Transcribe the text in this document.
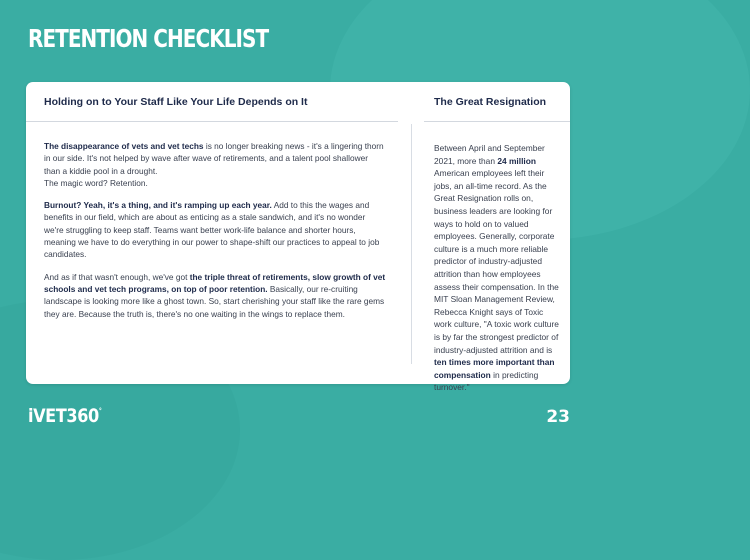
RETENTION CHECKLIST
Holding on to Your Staff Like Your Life Depends on It

The disappearance of vets and vet techs is no longer breaking news - it's a lingering thorn in our side. It's not helped by wave after wave of retirements, and a talent pool shallower than a kiddie pool in a drought.
The magic word? Retention.

Burnout? Yeah, it's a thing, and it's ramping up each year. Add to this the wages and benefits in our field, which are about as enticing as a stale sandwich, and it's no wonder we're struggling to keep staff. Teams want better work-life balance and shorter hours, meaning we have to do everything in our power to shape-shift our practices to appeal to job candidates.

And as if that wasn't enough, we've got the triple threat of retirements, slow growth of vet schools and vet tech programs, on top of poor retention. Basically, our re-cruiting landscape is looking more like a ghost town. So, start cherishing your staff like the rare gems they are. Because the truth is, there's no one waiting in the wings to replace them.

The Great Resignation
Between April and September 2021, more than 24 million American employees left their jobs, an all-time record. As the Great Resignation rolls on, business leaders are looking for ways to hold on to valued employees. Generally, corporate culture is a much more reliable predictor of industry-adjusted attrition than how employees assess their compensation. In the MIT Sloan Management Review, Rebecca Knight says of Toxic work culture, "A toxic work culture is by far the strongest predictor of industry-adjusted attrition and is ten times more important than compensation in predicting turnover."
iVET360°	23
